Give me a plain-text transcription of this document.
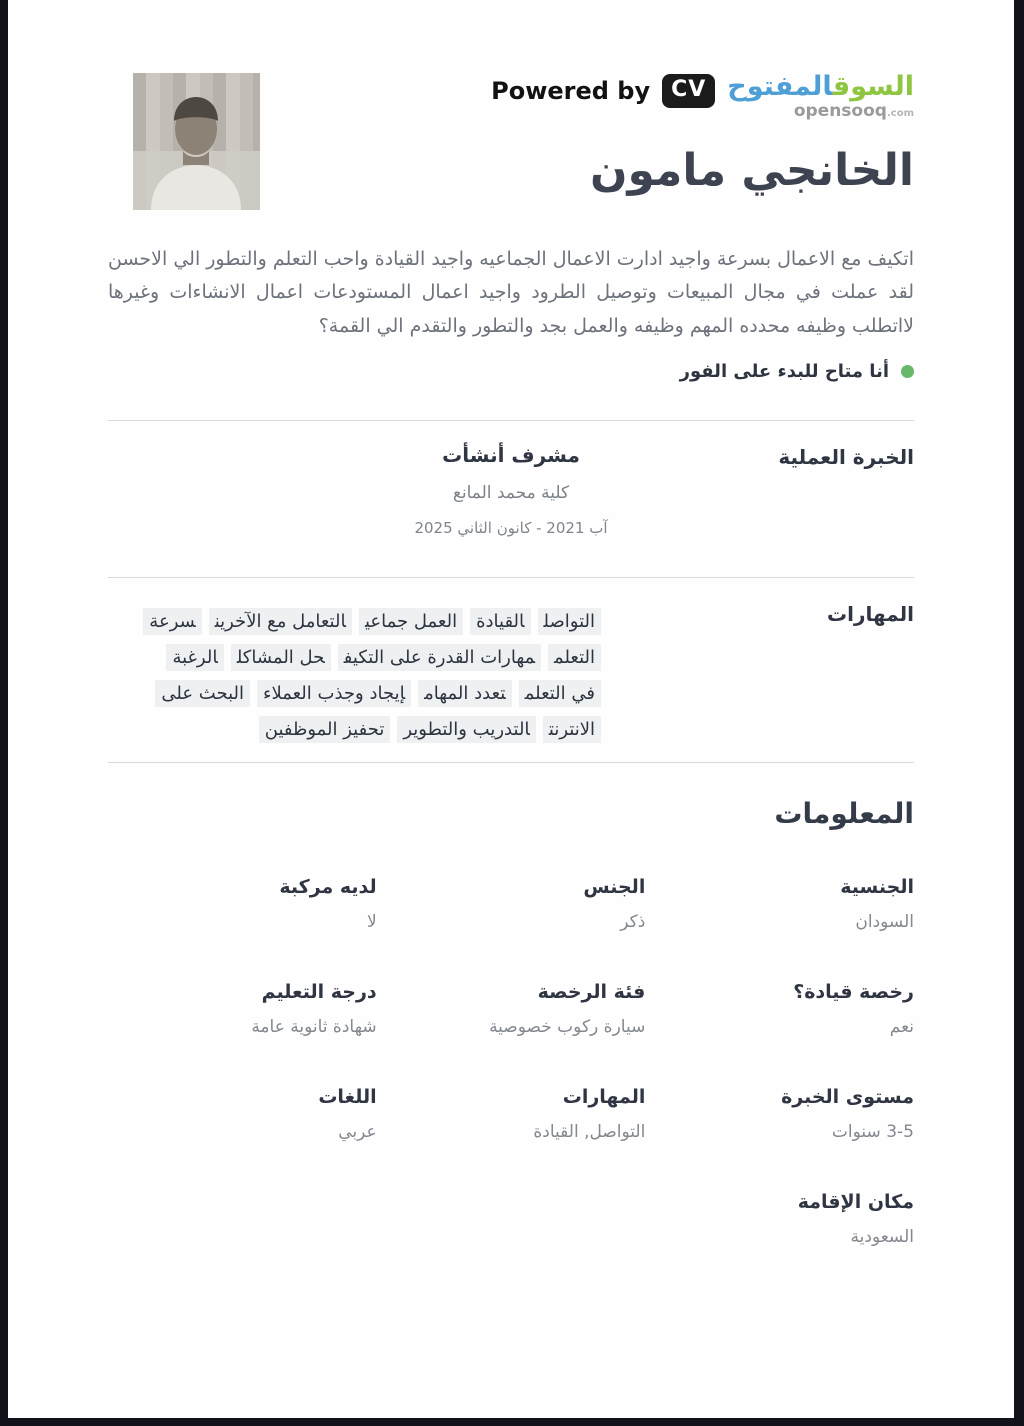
Powered by CV	السوقالمفتوح
opensooq.com
الخانجي مامون

اتكيف مع الاعمال بسرعة واجيد ادارت الاعمال الجماعيه واجيد القيادة واحب التعلم والتطور الي الاحسن لقد عملت في مجال المبيعات وتوصيل الطرود واجيد اعمال المستودعات اعمال الانشاءات وغيرها لااتطلب وظيفه محدده المهم وظيفه والعمل بجد والتطور والتقدم الي القمة؟

أنا متاح للبدء على الفور
الخبرة العملية

مشرف أنشأت

كلية محمد المانع

آب 2021 - كانون الثاني 2025

المهارات
التواصلالقيادةالعمل جماعيالتعامل مع الآخرينسرعة التعلممهارات القدرة على التكيفحل المشاكلالرغبة في التعلمتعدد المهامإيجاد وجذب العملاءالبحث على الانترنتالتدريب والتطويرتحفيز الموظفين
المعلومات

الجنسية

السودان

الجنس

ذكر

لديه مركبة

لا

رخصة قيادة؟

نعم

فئة الرخصة

سيارة ركوب خصوصية

درجة التعليم

شهادة ثانوية عامة

مستوى الخبرة

3-5 سنوات

المهارات

التواصل, القيادة

اللغات

عربي

مكان الإقامة

السعودية
